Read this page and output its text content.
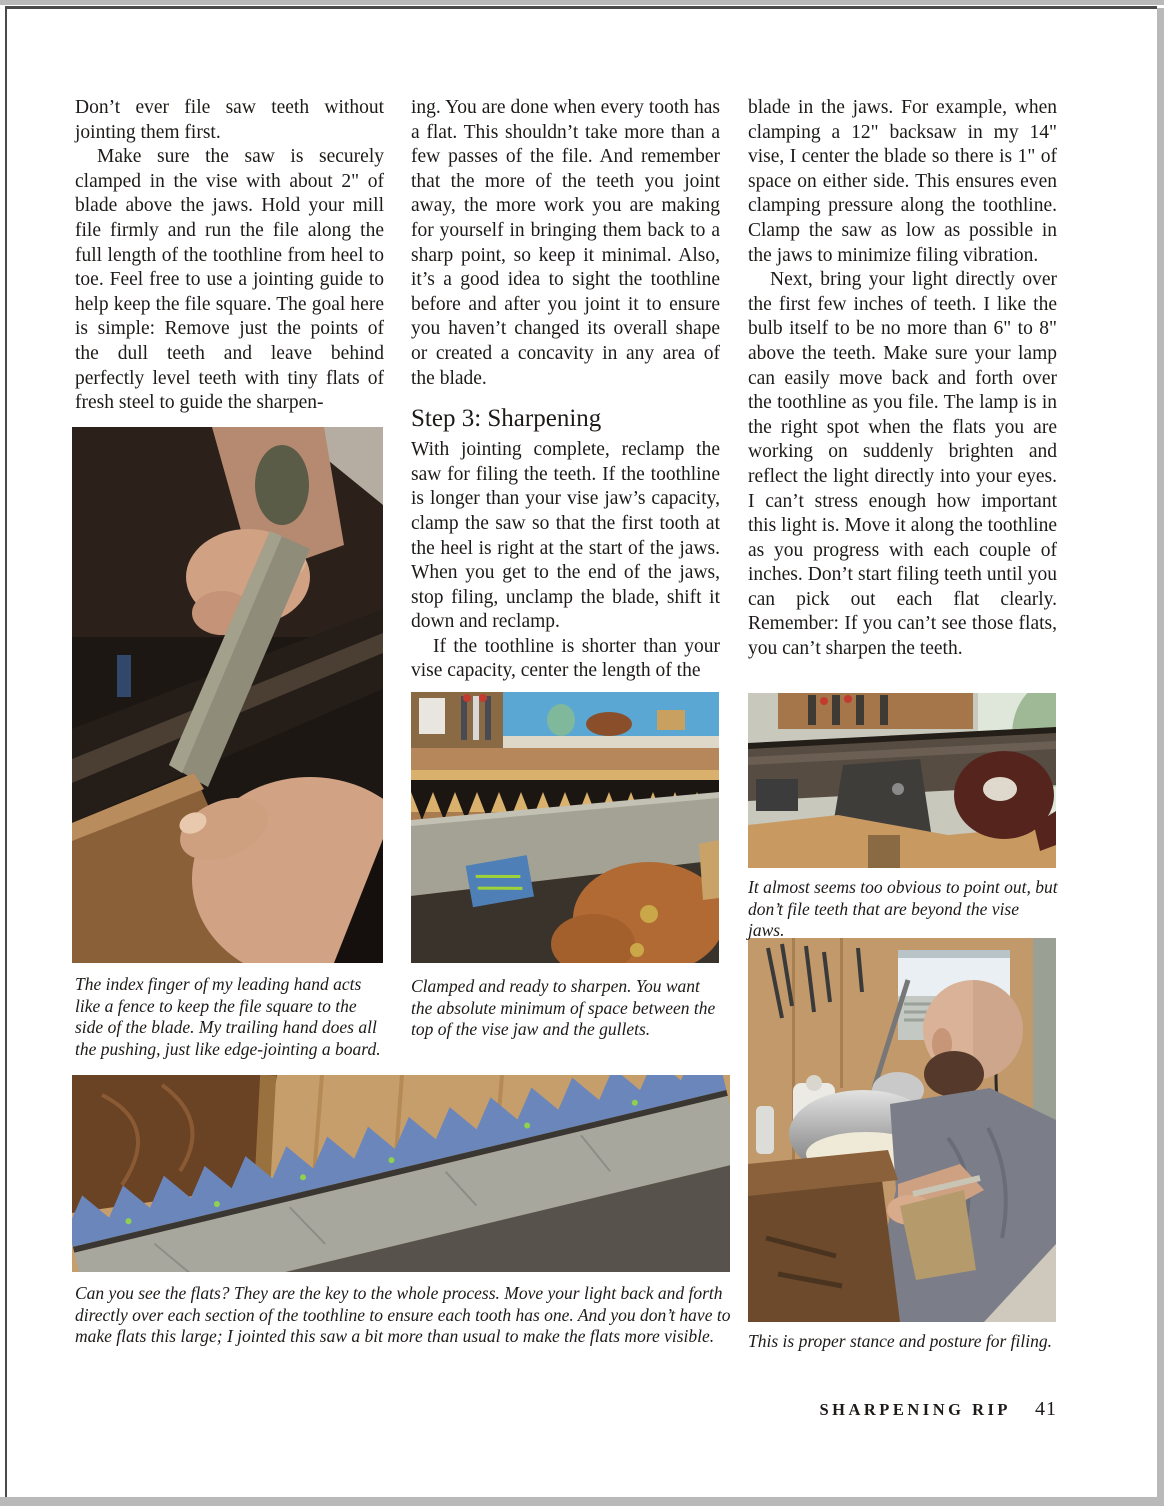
Don’t ever file saw teeth without jointing them first.

Make sure the saw is securely clamped in the vise with about 2" of blade above the jaws. Hold your mill file firmly and run the file along the full length of the toothline from heel to toe. Feel free to use a jointing guide to help keep the file square. The goal here is simple: Remove just the points of the dull teeth and leave behind perfectly level teeth with tiny flats of fresh steel to guide the sharpen-

ing. You are done when every tooth has a flat. This shouldn’t take more than a few passes of the file. And remember that the more of the teeth you joint away, the more work you are making for yourself in bringing them back to a sharp point, so keep it minimal. Also, it’s a good idea to sight the toothline before and after you joint it to ensure you haven’t changed its overall shape or created a concavity in any area of the blade.

Step 3: Sharpening

With jointing complete, reclamp the saw for filing the teeth. If the toothline is longer than your vise jaw’s capacity, clamp the saw so that the first tooth at the heel is right at the start of the jaws. When you get to the end of the jaws, stop filing, unclamp the blade, shift it down and reclamp.

If the toothline is shorter than your vise capacity, center the length of the

blade in the jaws. For example, when clamping a 12" backsaw in my 14" vise, I center the blade so there is 1" of space on either side. This ensures even clamping pressure along the toothline. Clamp the saw as low as possible in the jaws to minimize filing vibration.

Next, bring your light directly over the first few inches of teeth. I like the bulb itself to be no more than 6" to 8" above the teeth. Make sure your lamp can easily move back and forth over the toothline as you file. The lamp is in the right spot when the flats you are working on suddenly brighten and reflect the light directly into your eyes. I can’t stress enough how important this light is. Move it along the toothline as you progress with each couple of inches. Don’t start filing teeth until you can pick out each flat clearly. Remember: If you can’t see those flats, you can’t sharpen the teeth.

The index finger of my leading hand acts like a fence to keep the file square to the side of the blade. My trailing hand does all the pushing, just like edge-jointing a board.
Clamped and ready to sharpen. You want the absolute minimum of space between the top of the vise jaw and the gullets.
It almost seems too obvious to point out, but don’t file teeth that are beyond the vise jaws.
Can you see the flats? They are the key to the whole process. Move your light back and forth directly over each section of the toothline to ensure each tooth has one. And you don’t have to make flats this large; I jointed this saw a bit more than usual to make the flats more visible.	This is proper stance and posture for filing.
SHARPENING RIP 41
